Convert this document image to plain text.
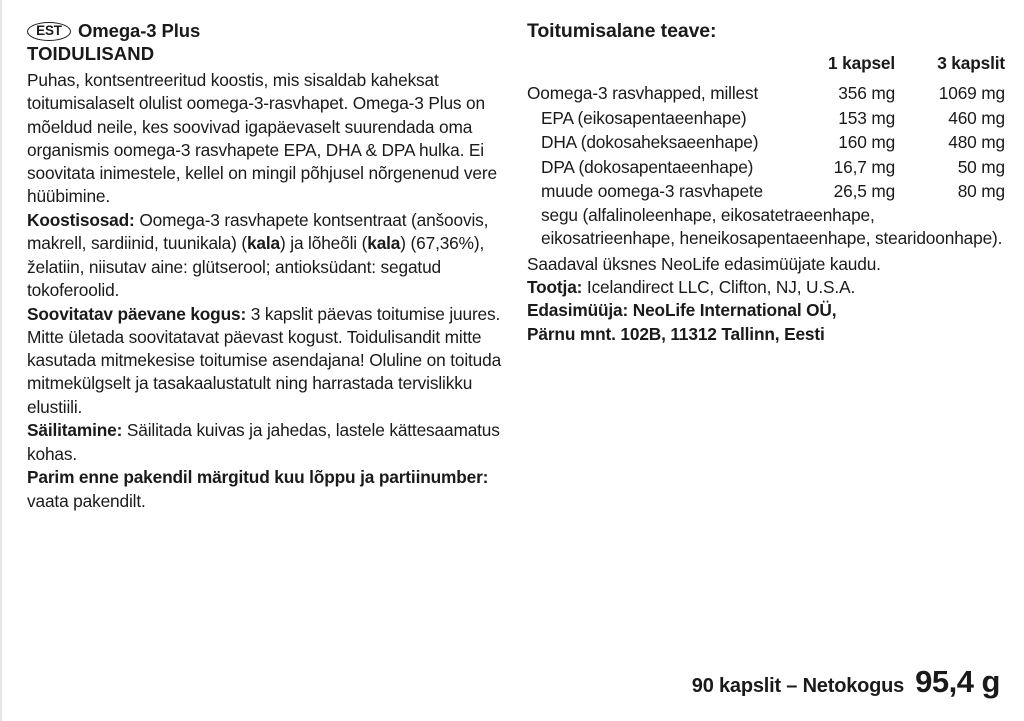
EST Omega-3 Plus
TOIDULISAND

Puhas, kontsentreeritud koostis, mis sisaldab kaheksat toitumisalaselt olulist oomega-3-rasvhapet. Omega-3 Plus on mõeldud neile, kes soovivad igapäevaselt suurendada oma organismis oomega-3 rasvhapete EPA, DHA & DPA hulka. Ei soovitata inimestele, kellel on mingil põhjusel nõrgenenud vere hüübimine.

Koostisosad: Oomega-3 rasvhapete kontsentraat (anšoovis, makrell, sardiinid, tuunikala) (kala) ja lõheõli (kala) (67,36%), želatiin, niisutav aine: glütserool; antioksüdant: segatud tokoferoolid.

Soovitatav päevane kogus: 3 kapslit päevas toitumise juures. Mitte ületada soovitatavat päevast kogust. Toidulisandit mitte kasutada mitmekesise toitumise asendajana! Oluline on toituda mitmekülgselt ja tasakaalustatult ning harrastada tervislikku elustiili.

Säilitamine: Säilitada kuivas ja jahedas, lastele kättesaamatus kohas.

Parim enne pakendil märgitud kuu lõppu ja partiinumber: vaata pakendilt.

Toitumisalane teave:
	1 kapsel	3 kapslit
Oomega-3 rasvhapped, millest	356 mg	1069 mg
EPA (eikosapentaeenhape)	153 mg	460 mg
DHA (dokosaheksaeenhape)	160 mg	480 mg
DPA (dokosapentaeenhape)	16,7 mg	50 mg
muude oomega-3 rasvhapete	26,5 mg	80 mg
segu (alfalinoleenhape, eikosatetraeenhape, eikosatrieenhape, heneikosapentaeenhape, stearidoonhape).

Saadaval üksnes NeoLife edasimüüjate kaudu.

Tootja: Icelandirect LLC, Clifton, NJ, U.S.A.

Edasimüüja: NeoLife International OÜ,

Pärnu mnt. 102B, 11312 Tallinn, Eesti

90 kapslit – Netokogus 95,4 g
